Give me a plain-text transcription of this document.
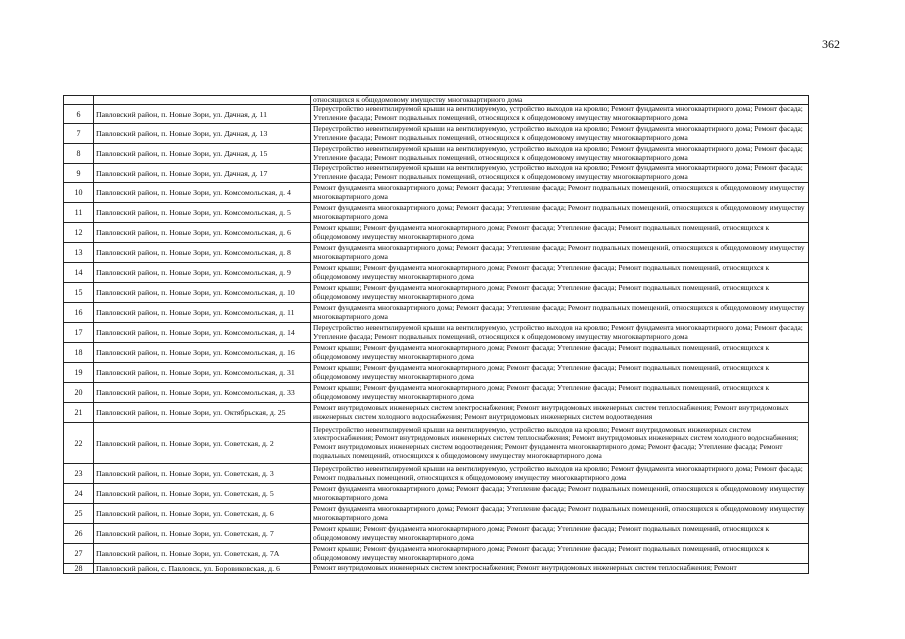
362

		относящихся к общедомовому имуществу многоквартирного дома

6	Павловский район, п. Новые Зори, ул. Дачная, д. 11	Переустройство невентилируемой крыши на вентилируемую, устройство выходов на кровлю; Ремонт фундамента многоквартирного дома; Ремонт фасада; Утепление фасада; Ремонт подвальных помещений, относящихся к общедомовому имуществу многоквартирного дома

7	Павловский район, п. Новые Зори, ул. Дачная, д. 13	Переустройство невентилируемой крыши на вентилируемую, устройство выходов на кровлю; Ремонт фундамента многоквартирного дома; Ремонт фасада; Утепление фасада; Ремонт подвальных помещений, относящихся к общедомовому имуществу многоквартирного дома

8	Павловский район, п. Новые Зори, ул. Дачная, д. 15	Переустройство невентилируемой крыши на вентилируемую, устройство выходов на кровлю; Ремонт фундамента многоквартирного дома; Ремонт фасада; Утепление фасада; Ремонт подвальных помещений, относящихся к общедомовому имуществу многоквартирного дома

9	Павловский район, п. Новые Зори, ул. Дачная, д. 17	Переустройство невентилируемой крыши на вентилируемую, устройство выходов на кровлю; Ремонт фундамента многоквартирного дома; Ремонт фасада; Утепление фасада; Ремонт подвальных помещений, относящихся к общедомовому имуществу многоквартирного дома

10	Павловский район, п. Новые Зори, ул. Комсомольская, д. 4	Ремонт фундамента многоквартирного дома; Ремонт фасада; Утепление фасада; Ремонт подвальных помещений, относящихся к общедомовому имуществу многоквартирного дома

11	Павловский район, п. Новые Зори, ул. Комсомольская, д. 5	Ремонт фундамента многоквартирного дома; Ремонт фасада; Утепление фасада; Ремонт подвальных помещений, относящихся к общедомовому имуществу многоквартирного дома

12	Павловский район, п. Новые Зори, ул. Комсомольская, д. 6	Ремонт крыши; Ремонт фундамента многоквартирного дома; Ремонт фасада; Утепление фасада; Ремонт подвальных помещений, относящихся к общедомовому имуществу многоквартирного дома

13	Павловский район, п. Новые Зори, ул. Комсомольская, д. 8	Ремонт фундамента многоквартирного дома; Ремонт фасада; Утепление фасада; Ремонт подвальных помещений, относящихся к общедомовому имуществу многоквартирного дома

14	Павловский район, п. Новые Зори, ул. Комсомольская, д. 9	Ремонт крыши; Ремонт фундамента многоквартирного дома; Ремонт фасада; Утепление фасада; Ремонт подвальных помещений, относящихся к общедомовому имуществу многоквартирного дома

15	Павловский район, п. Новые Зори, ул. Комсомольская, д. 10	Ремонт крыши; Ремонт фундамента многоквартирного дома; Ремонт фасада; Утепление фасада; Ремонт подвальных помещений, относящихся к общедомовому имуществу многоквартирного дома

16	Павловский район, п. Новые Зори, ул. Комсомольская, д. 11	Ремонт фундамента многоквартирного дома; Ремонт фасада; Утепление фасада; Ремонт подвальных помещений, относящихся к общедомовому имуществу многоквартирного дома

17	Павловский район, п. Новые Зори, ул. Комсомольская, д. 14	Переустройство невентилируемой крыши на вентилируемую, устройство выходов на кровлю; Ремонт фундамента многоквартирного дома; Ремонт фасада; Утепление фасада; Ремонт подвальных помещений, относящихся к общедомовому имуществу многоквартирного дома

18	Павловский район, п. Новые Зори, ул. Комсомольская, д. 16	Ремонт крыши; Ремонт фундамента многоквартирного дома; Ремонт фасада; Утепление фасада; Ремонт подвальных помещений, относящихся к общедомовому имуществу многоквартирного дома

19	Павловский район, п. Новые Зори, ул. Комсомольская, д. 31	Ремонт крыши; Ремонт фундамента многоквартирного дома; Ремонт фасада; Утепление фасада; Ремонт подвальных помещений, относящихся к общедомовому имуществу многоквартирного дома

20	Павловский район, п. Новые Зори, ул. Комсомольская, д. 33	Ремонт крыши; Ремонт фундамента многоквартирного дома; Ремонт фасада; Утепление фасада; Ремонт подвальных помещений, относящихся к общедомовому имуществу многоквартирного дома

21	Павловский район, п. Новые Зори, ул. Октябрьская, д. 25	Ремонт внутридомовых инженерных систем электроснабжения; Ремонт внутридомовых инженерных систем теплоснабжения; Ремонт внутридомовых инженерных систем холодного водоснабжения; Ремонт внутридомовых инженерных систем водоотведения

22	Павловский район, п. Новые Зори, ул. Советская, д. 2	Переустройство невентилируемой крыши на вентилируемую, устройство выходов на кровлю; Ремонт внутридомовых инженерных систем электроснабжения; Ремонт внутридомовых инженерных систем теплоснабжения; Ремонт внутридомовых инженерных систем холодного водоснабжения; Ремонт внутридомовых инженерных систем водоотведения; Ремонт фундамента многоквартирного дома; Ремонт фасада; Утепление фасада; Ремонт подвальных помещений, относящихся к общедомовому имуществу многоквартирного дома

23	Павловский район, п. Новые Зори, ул. Советская, д. 3	Переустройство невентилируемой крыши на вентилируемую, устройство выходов на кровлю; Ремонт фундамента многоквартирного дома; Ремонт фасада; Ремонт подвальных помещений, относящихся к общедомовому имуществу многоквартирного дома

24	Павловский район, п. Новые Зори, ул. Советская, д. 5	Ремонт фундамента многоквартирного дома; Ремонт фасада; Утепление фасада; Ремонт подвальных помещений, относящихся к общедомовому имуществу многоквартирного дома

25	Павловский район, п. Новые Зори, ул. Советская, д. 6	Ремонт фундамента многоквартирного дома; Ремонт фасада; Утепление фасада; Ремонт подвальных помещений, относящихся к общедомовому имуществу многоквартирного дома

26	Павловский район, п. Новые Зори, ул. Советская, д. 7	Ремонт крыши; Ремонт фундамента многоквартирного дома; Ремонт фасада; Утепление фасада; Ремонт подвальных помещений, относящихся к общедомовому имуществу многоквартирного дома

27	Павловский район, п. Новые Зори, ул. Советская, д. 7А	Ремонт крыши; Ремонт фундамента многоквартирного дома; Ремонт фасада; Утепление фасада; Ремонт подвальных помещений, относящихся к общедомовому имуществу многоквартирного дома

28	Павловский район, с. Павловск, ул. Боровиковская, д. 6	Ремонт внутридомовых инженерных систем электроснабжения; Ремонт внутридомовых инженерных систем теплоснабжения; Ремонт
